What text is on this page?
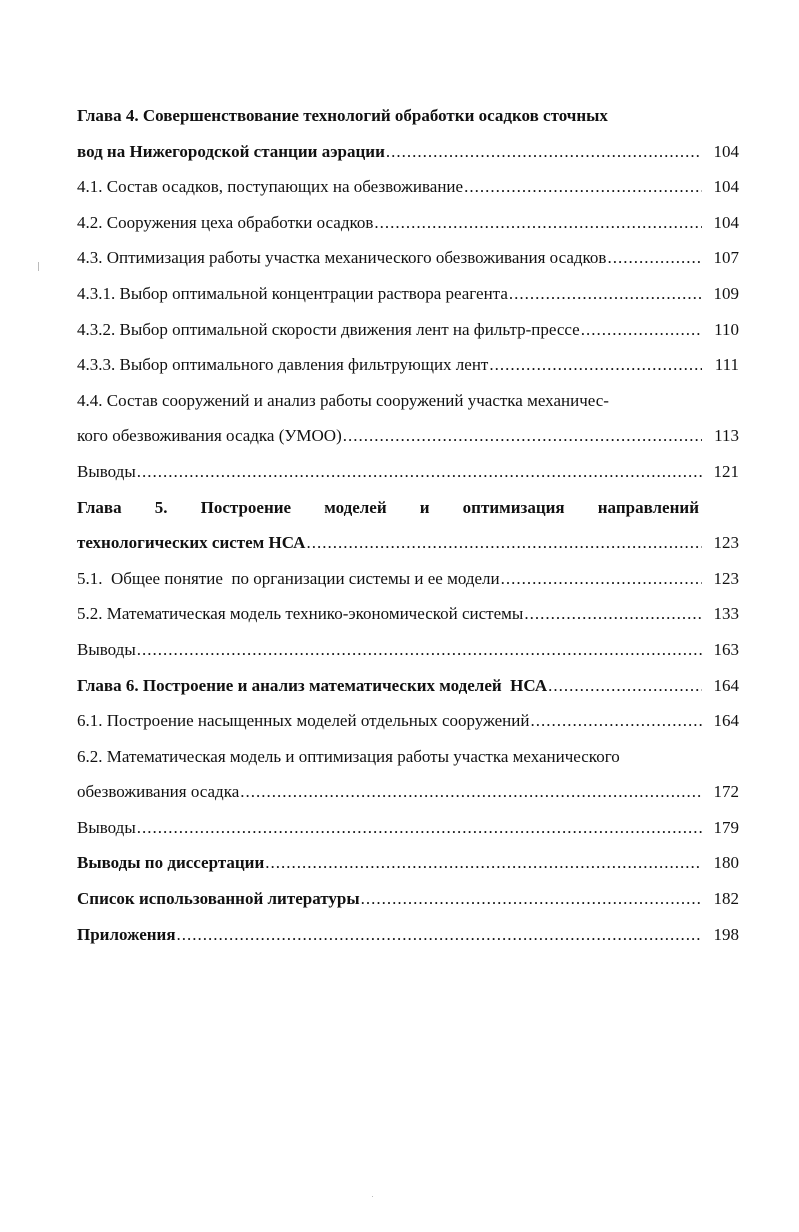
Глава 4. Совершенствование технологий обработки осадков сточных
вод на Нижегородской станции аэрации .....	104
4.1. Состав осадков, поступающих на обезвоживание .....	104
4.2. Сооружения цеха обработки осадков .....	104
4.3. Оптимизация работы участка механического обезвоживания осадков .....	107
4.3.1. Выбор оптимальной концентрации раствора реагента .....	109
4.3.2. Выбор оптимальной скорости движения лент на фильтр-прессе .....	110
4.3.3. Выбор оптимального давления фильтрующих лент .....	111
4.4. Состав сооружений и анализ работы сооружений участка механичес-
кого обезвоживания осадка (УМОО) .....	113
Выводы .....	121
Глава 5. Построение моделей и оптимизация направлений
технологических систем НСА .....	123
5.1.  Общее понятие  по организации системы и ее модели .....	123
5.2. Математическая модель технико-экономической системы .....	133
Выводы .....	163
Глава 6. Построение и анализ математических моделей  НСА .....	164
6.1. Построение насыщенных моделей отдельных сооружений .....	164
6.2. Математическая модель и оптимизация работы участка механического
обезвоживания осадка .....	172
Выводы .....	179
Выводы по диссертации .....	180
Список использованной литературы .....	182
Приложения .....	198
